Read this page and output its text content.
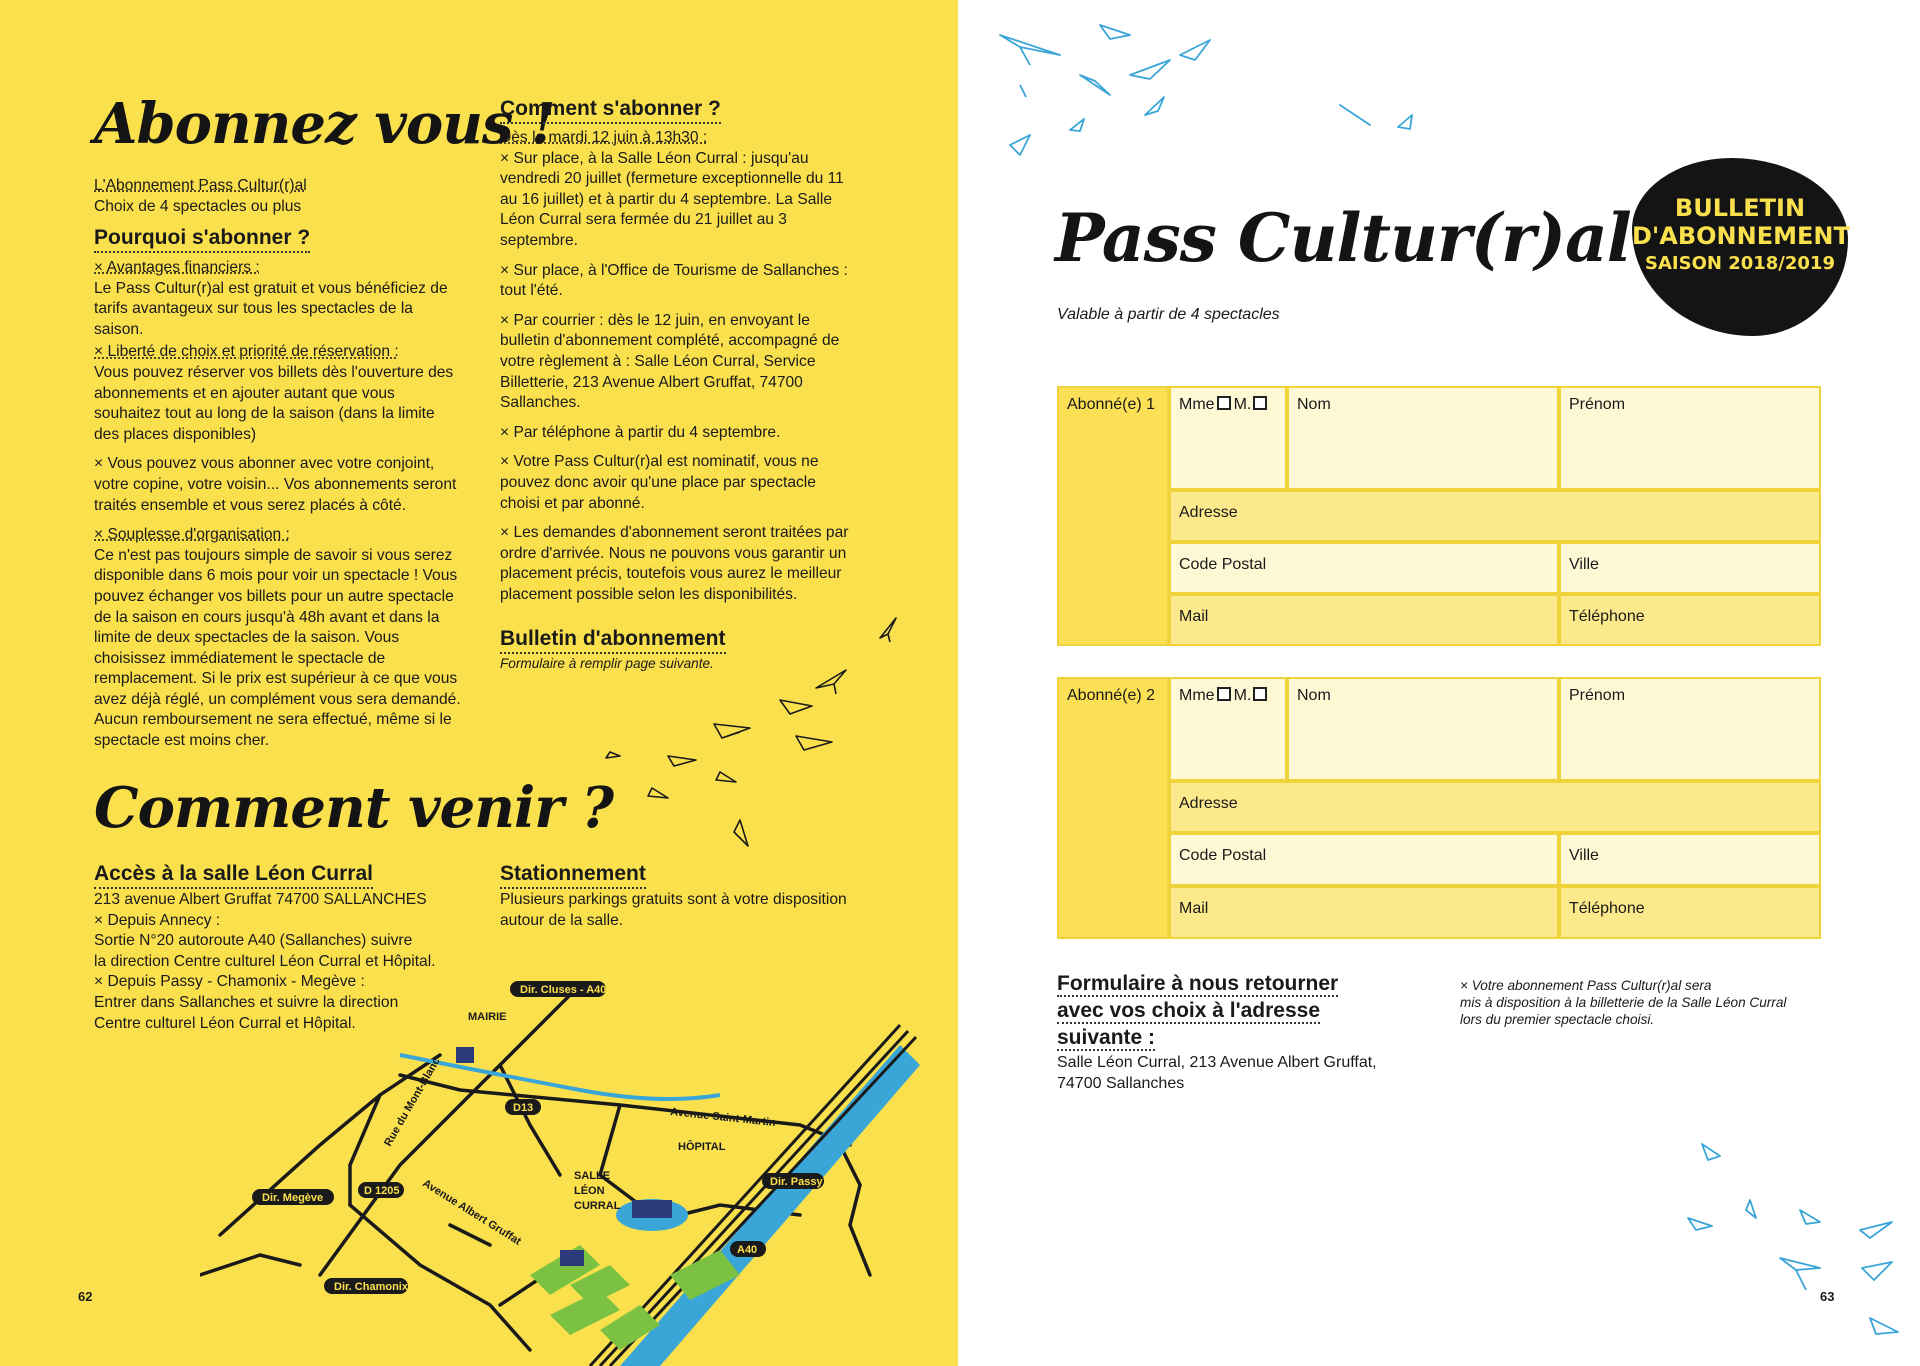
Abonnez vous !
L'Abonnement Pass Cultur(r)al
Choix de 4 spectacles ou plus
Pourquoi s'abonner ?
× Avantages financiers :
Le Pass Cultur(r)al est gratuit et vous bénéficiez de tarifs avantageux sur tous les spectacles de la saison.
× Liberté de choix et priorité de réservation :
Vous pouvez réserver vos billets dès l'ouverture des abonnements et en ajouter autant que vous souhaitez tout au long de la saison (dans la limite des places disponibles)
× Vous pouvez vous abonner avec votre conjoint, votre copine, votre voisin... Vos abonnements seront traités ensemble et vous serez placés à côté.
× Souplesse d'organisation :
Ce n'est pas toujours simple de savoir si vous serez disponible dans 6 mois pour voir un spectacle ! Vous pouvez échanger vos billets pour un autre spectacle de la saison en cours jusqu'à 48h avant et dans la limite de deux spectacles de la saison. Vous choisissez immédiatement le spectacle de remplacement. Si le prix est supérieur à ce que vous avez déjà réglé, un complément vous sera demandé. Aucun remboursement ne sera effectué, même si le spectacle est moins cher.
Comment venir ?
Accès à la salle Léon Curral
213 avenue Albert Gruffat 74700 SALLANCHES
× Depuis Annecy :
Sortie N°20 autoroute A40 (Sallanches) suivre
la direction Centre culturel Léon Curral et Hôpital.
× Depuis Passy - Chamonix - Megève :
Entrer dans Sallanches et suivre la direction
Centre culturel Léon Curral et Hôpital.
Comment s'abonner ?
Dès le mardi 12 juin à 13h30 :

× Sur place, à la Salle Léon Curral : jusqu'au vendredi 20 juillet (fermeture exceptionnelle du 11 au 16 juillet) et à partir du 4 septembre. La Salle Léon Curral sera fermée du 21 juillet au 3 septembre.

× Sur place, à l'Office de Tourisme de Sallanches : tout l'été.

× Par courrier : dès le 12 juin, en envoyant le bulletin d'abonnement complété, accompagné de votre règlement à : Salle Léon Curral, Service Billetterie, 213 Avenue Albert Gruffat, 74700 Sallanches.

× Par téléphone à partir du 4 septembre.

× Votre Pass Cultur(r)al est nominatif, vous ne pouvez donc avoir qu'une place par spectacle choisi et par abonné.

× Les demandes d'abonnement seront traitées par ordre d'arrivée. Nous ne pouvons vous garantir un placement précis, toutefois vous aurez le meilleur placement possible selon les disponibilités.

Bulletin d'abonnement
Formulaire à remplir page suivante.
Stationnement
Plusieurs parkings gratuits sont à votre disposition autour de la salle.
Dir. Cluses - A40
MAIRIE
Rue du Mont-Blanc	D13	Avenue Saint-Martin
HÔPITAL
Dir. Megève
D 1205 Avenue Albert Gruffat
SALLE
LÉON
CURRAL
Dir. Passy
A40
Dir. Chamonix
62
Pass Cultur(r)al
Valable à partir de 4 spectacles
BULLETIN
D'ABONNEMENT
SAISON 2018/2019
Abonné(e) 1	Mme M.	Nom	Prénom
Adresse
Code Postal	Ville
Mail	Téléphone
Abonné(e) 2	Mme M.	Nom	Prénom
Adresse
Code Postal	Ville
Mail	Téléphone
Formulaire à nous retourner
avec vos choix à l'adresse
suivante :
Salle Léon Curral, 213 Avenue Albert Gruffat,
74700 Sallanches
× Votre abonnement Pass Cultur(r)al sera
mis à disposition à la billetterie de la Salle Léon Curral
lors du premier spectacle choisi.
63
